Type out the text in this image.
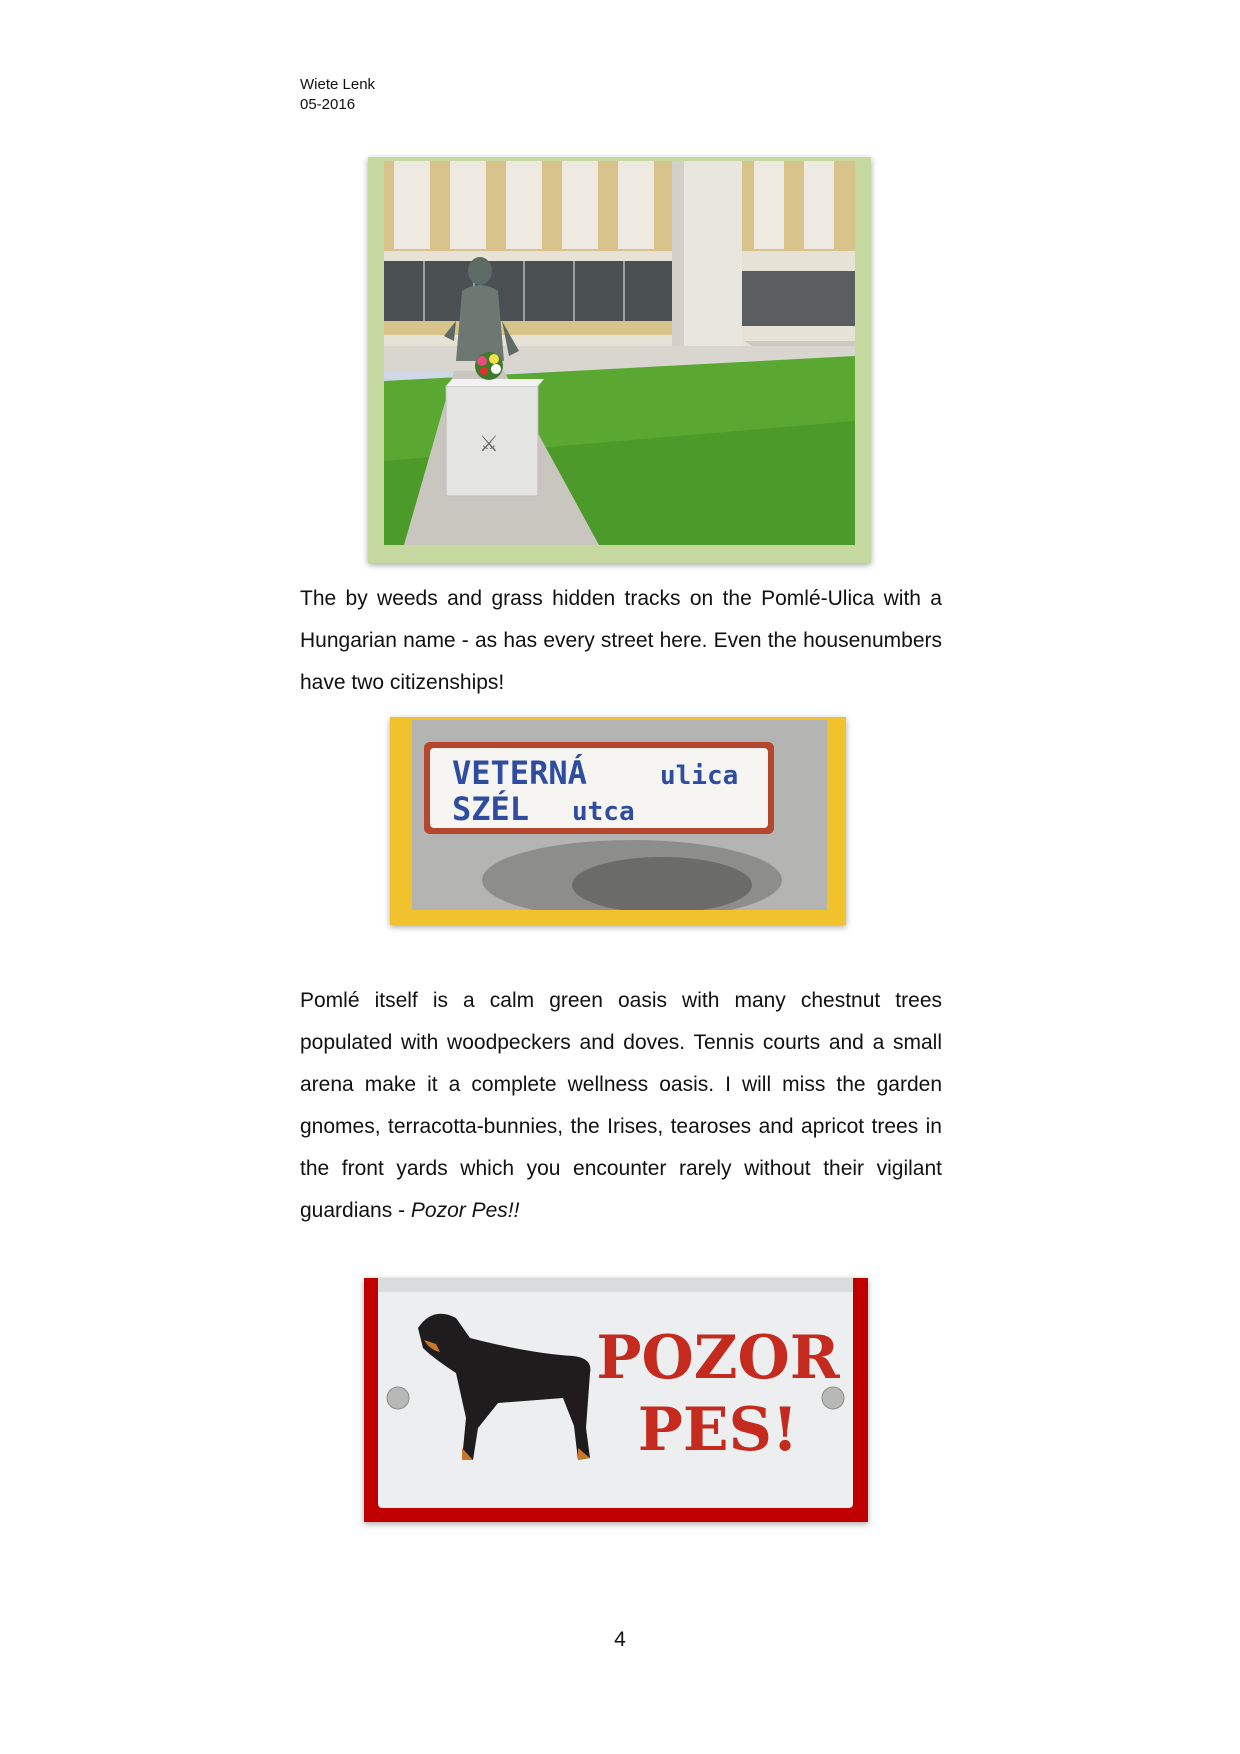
Wiete Lenk
05-2016
⚔

The by weeds and grass hidden tracks on the Pomlé-Ulica with a Hungarian name - as has every street here. Even the housenumbers have two citizenships!

VETERNÁ	ulica
SZÉL utca

Pomlé itself is a calm green oasis with many chestnut trees populated with woodpeckers and doves. Tennis courts and a small arena make it a complete wellness oasis. I will miss the garden gnomes, terracotta-bunnies, the Irises, tearoses and apricot trees in the front yards which you encounter rarely without their vigilant guardians - Pozor Pes!!

POZOR
PES!
4
